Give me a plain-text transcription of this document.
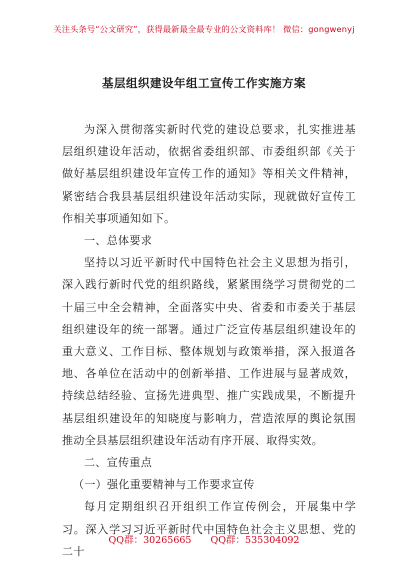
关注头条号“公文研究”，获得最新最全最专业的公文资料库！ 微信：gongwenyj
基层组织建设年组工宣传工作实施方案

为深入贯彻落实新时代党的建设总要求，扎实推进基层组织建设年活动，依据省委组织部、市委组织部《关于做好基层组织建设年宣传工作的通知》等相关文件精神，紧密结合我县基层组织建设年活动实际，现就做好宣传工作相关事项通知如下。

一、总体要求

坚持以习近平新时代中国特色社会主义思想为指引，深入践行新时代党的组织路线，紧紧围绕学习贯彻党的二十届三中全会精神，全面落实中央、省委和市委关于基层组织建设年的统一部署。通过广泛宣传基层组织建设年的重大意义、工作目标、整体规划与政策举措，深入报道各地、各单位在活动中的创新举措、工作进展与显著成效，持续总结经验、宣扬先进典型、推广实践成果，不断提升基层组织建设年的知晓度与影响力，营造浓厚的舆论氛围推动全县基层组织建设年活动有序开展、取得实效。

二、宣传重点

（一）强化重要精神与工作要求宣传

每月定期组织召开组织工作宣传例会，开展集中学习。深入学习习近平新时代中国特色社会主义思想、党的二十

QQ群：30265665 QQ群：535304092
